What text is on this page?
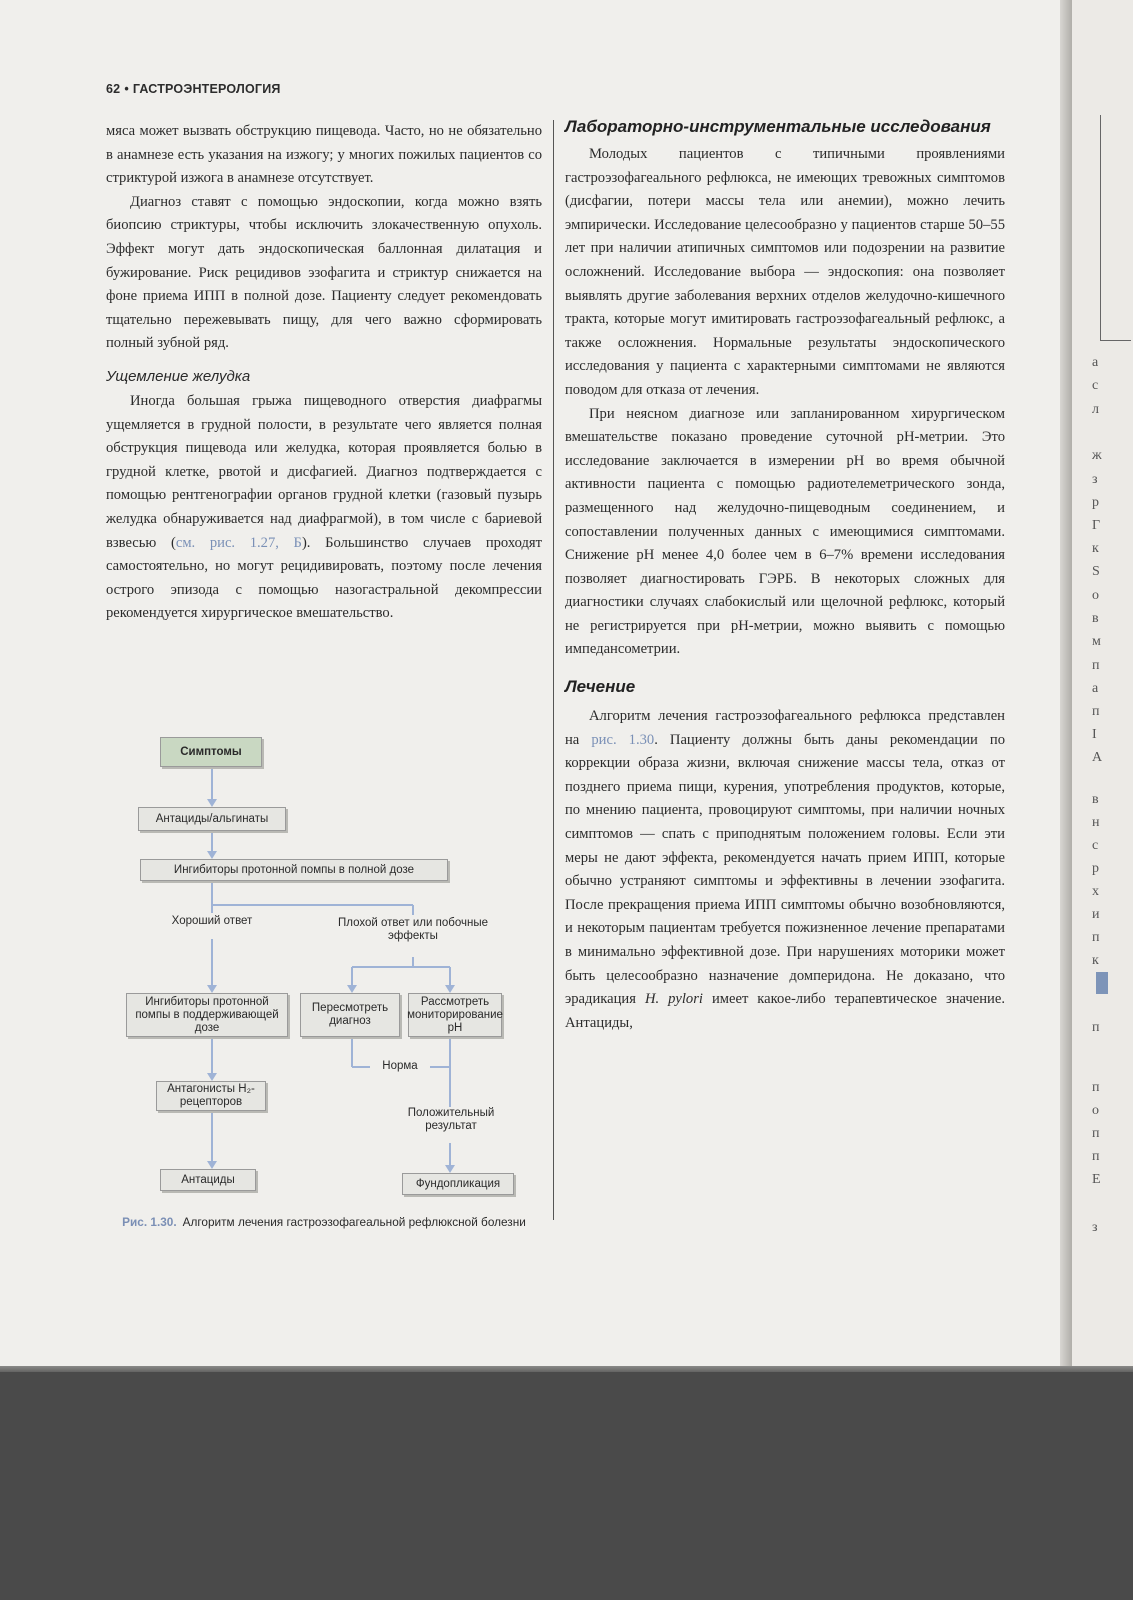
62 • ГАСТРОЭНТЕРОЛОГИЯ

мяса может вызвать обструкцию пищевода. Часто, но не обязательно в анамнезе есть указания на изжогу; у многих пожилых пациентов со стриктурой изжога в анамнезе отсутствует.

Диагноз ставят с помощью эндоскопии, когда можно взять биопсию стриктуры, чтобы исключить злокачественную опухоль. Эффект могут дать эндоскопическая баллонная дилатация и бужирование. Риск рецидивов эзофагита и стриктур снижается на фоне приема ИПП в полной дозе. Пациенту следует рекомендовать тщательно пережевывать пищу, для чего важно сформировать полный зубной ряд.

Ущемление желудка

Иногда большая грыжа пищеводного отверстия диафрагмы ущемляется в грудной полости, в результате чего является полная обструкция пищевода или желудка, которая проявляется болью в грудной клетке, рвотой и дисфагией. Диагноз подтверждается с помощью рентгенографии органов грудной клетки (газовый пузырь желудка обнаруживается над диафрагмой), в том числе с бариевой взвесью (см. рис. 1.27, Б). Большинство случаев проходят самостоятельно, но могут рецидивировать, поэтому после лечения острого эпизода с помощью назогастральной декомпрессии рекомендуется хирургическое вмешательство.

Симптомы
Антациды/альгинаты
Ингибиторы протонной помпы в полной дозе
Хороший ответ	Плохой ответ или побочные эффекты
Ингибиторы протонной помпы в поддерживающей дозе
Пересмотреть диагноз
Рассмотреть мониторирование pH
Норма
Антагонисты H₂-рецепторов
Положительный результат
Антациды	Фундопликация
Рис. 1.30. Алгоритм лечения гастроэзофагеальной рефлюксной болезни
Лабораторно-инструментальные исследования

Молодых пациентов с типичными проявлениями гастроэзофагеального рефлюкса, не имеющих тревожных симптомов (дисфагии, потери массы тела или анемии), можно лечить эмпирически. Исследование целесообразно у пациентов старше 50–55 лет при наличии атипичных симптомов или подозрении на развитие осложнений. Исследование выбора — эндоскопия: она позволяет выявлять другие заболевания верхних отделов желудочно-кишечного тракта, которые могут имитировать гастроэзофагеальный рефлюкс, а также осложнения. Нормальные результаты эндоскопического исследования у пациента с характерными симптомами не являются поводом для отказа от лечения.

При неясном диагнозе или запланированном хирургическом вмешательстве показано проведение суточной pH-метрии. Это исследование заключается в измерении pH во время обычной активности пациента с помощью радиотелеметрического зонда, размещенного над желудочно-пищеводным соединением, и сопоставлении полученных данных с имеющимися симптомами. Снижение pH менее 4,0 более чем в 6–7% времени исследования позволяет диагностировать ГЭРБ. В некоторых сложных для диагностики случаях слабокислый или щелочной рефлюкс, который не регистрируется при pH-метрии, можно выявить с помощью импедансометрии.

Лечение

Алгоритм лечения гастроэзофагеального рефлюкса представлен на рис. 1.30. Пациенту должны быть даны рекомендации по коррекции образа жизни, включая снижение массы тела, отказ от позднего приема пищи, курения, употребления продуктов, которые, по мнению пациента, провоцируют симптомы, при наличии ночных симптомов — спать с приподнятым положением головы. Если эти меры не дают эффекта, рекомендуется начать прием ИПП, которые обычно устраняют симптомы и эффективны в лечении эзофагита. После прекращения приема ИПП симптомы обычно возобновляются, и некоторым пациентам требуется пожизненное лечение препаратами в минимально эффективной дозе. При нарушениях моторики может быть целесообразно назначение домперидона. Не доказано, что эрадикация H. pylori имеет какое-либо терапевтическое значение. Антациды,

а
с
л
ж
з
р
Г
к
S
о
в
м
п
а
п
I
А
в
н
с
р
х
и
п
к
п
п
о
п
п
Е
з
